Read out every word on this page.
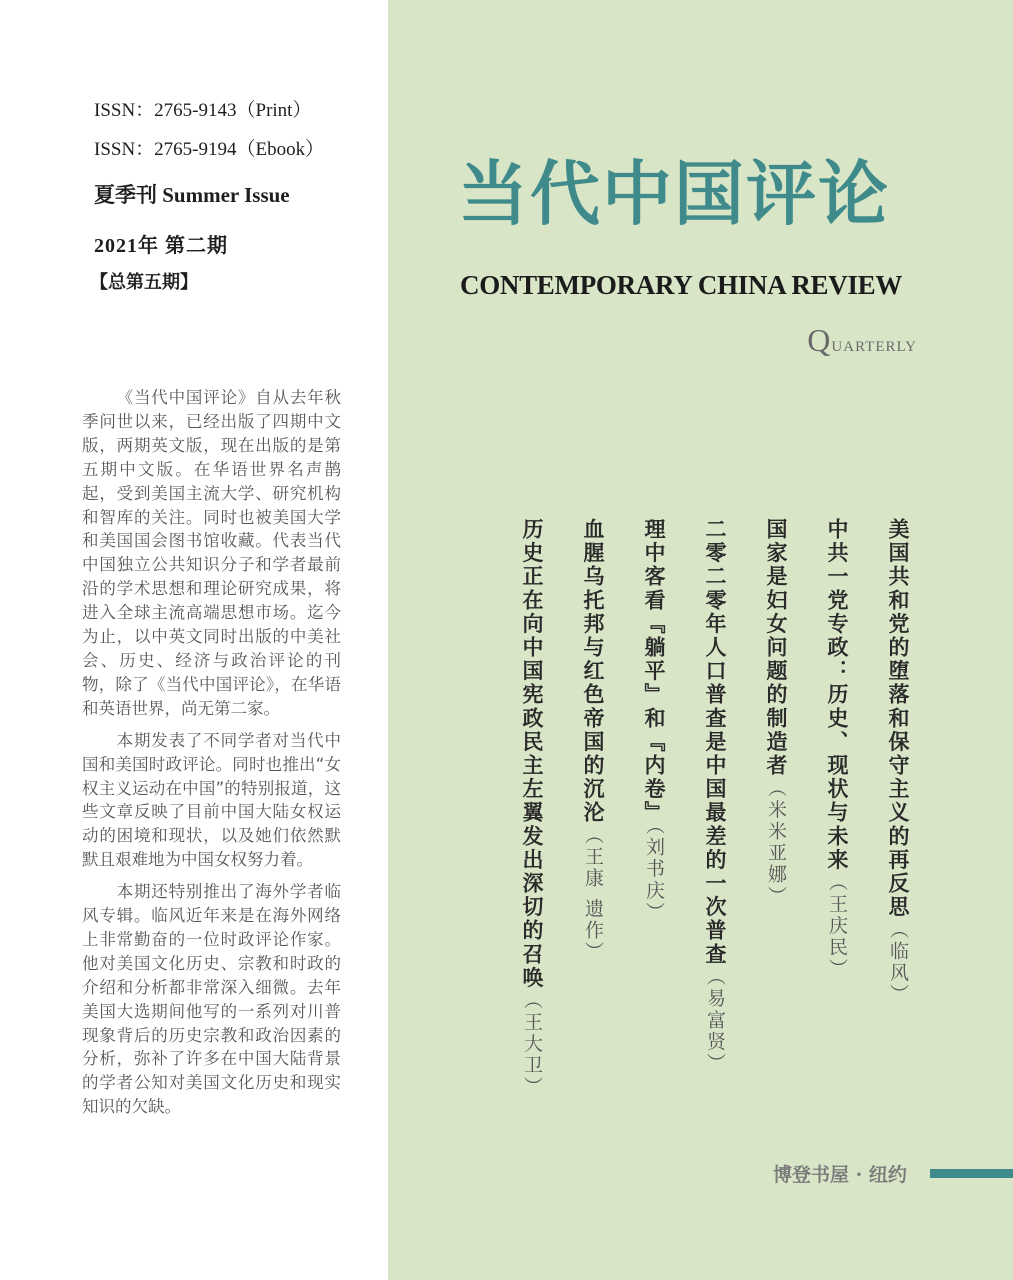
ISSN：2765-9143（Print）
ISSN：2765-9194（Ebook）
夏季刊 Summer Issue
2021年 第二期
【总第五期】

《当代中国评论》自从去年秋季问世以来，已经出版了四期中文版，两期英文版，现在出版的是第五期中文版。在华语世界名声鹊起，受到美国主流大学、研究机构和智库的关注。同时也被美国大学和美国国会图书馆收藏。代表当代中国独立公共知识分子和学者最前沿的学术思想和理论研究成果，将进入全球主流高端思想市场。迄今为止，以中英文同时出版的中美社会、历史、经济与政治评论的刊物，除了《当代中国评论》，在华语和英语世界，尚无第二家。

本期发表了不同学者对当代中国和美国时政评论。同时也推出“女权主义运动在中国”的特别报道，这些文章反映了目前中国大陆女权运动的困境和现状，以及她们依然默默且艰难地为中国女权努力着。

本期还特别推出了海外学者临风专辑。临风近年来是在海外网络上非常勤奋的一位时政评论作家。他对美国文化历史、宗教和时政的介绍和分析都非常深入细微。去年美国大选期间他写的一系列对川普现象背后的历史宗教和政治因素的分析，弥补了许多在中国大陆背景的学者公知对美国文化历史和现实知识的欠缺。

当代中国评论
CONTEMPORARY CHINA REVIEW
Quarterly
美国共和党的堕落和保守主义的再反思（临风）
中共一党专政：历史、现状与未来（王庆民）
国家是妇女问题的制造者（米米亚娜）
二零二零年人口普查是中国最差的一次普查（易富贤）
理中客看『躺平』和『内卷』（刘书庆）
血腥乌托邦与红色帝国的沉沦（王康 遗作）
历史正在向中国宪政民主左翼发出深切的召唤（王大卫）
博登书屋 · 纽约
